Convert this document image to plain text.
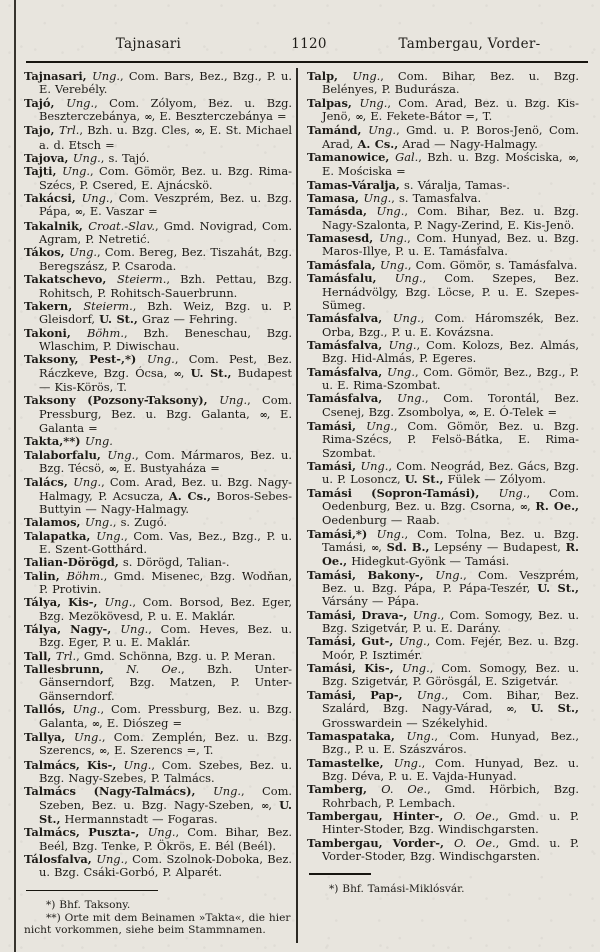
Tajnasari	1120	Tambergau, Vorder-

Tajnasari, Ung., Com. Bars, Bez., Bzg., P. u. E. Verebély.

Tajó, Ung., Com. Zólyom, Bez. u. Bzg. Beszterczebánya, ∞, E. Beszterczebánya =

Tajo, Trl., Bzh. u. Bzg. Cles, ∞, E. St. Michael a. d. Etsch =

Tajova, Ung., s. Tajó.

Tajti, Ung., Com. Gömör, Bez. u. Bzg. Rima-Szécs, P. Csered, E. Ajnácskö.

Takácsi, Ung., Com. Veszprém, Bez. u. Bzg. Pápa, ∞, E. Vaszar =

Takalnik, Croat.-Slav., Gmd. Novigrad, Com. Agram, P. Netretić.

Tákos, Ung., Com. Bereg, Bez. Tiszahát, Bzg. Beregszász, P. Csaroda.

Takatschevo, Steierm., Bzh. Pettau, Bzg. Rohitsch, P. Rohitsch-Sauerbrunn.

Takern, Steierm., Bzh. Weiz, Bzg. u. P. Gleisdorf, U. St., Graz — Fehring.

Takoni, Böhm., Bzh. Beneschau, Bzg. Wlaschim, P. Diwischau.

Taksony, Pest-,*) Ung., Com. Pest, Bez. Ráczkeve, Bzg. Ócsa, ∞, U. St., Budapest — Kis-Körös, T.

Taksony (Pozsony-Taksony), Ung., Com. Pressburg, Bez. u. Bzg. Galanta, ∞, E. Galanta =

Takta,**) Ung.

Talaborfalu, Ung., Com. Mármaros, Bez. u. Bzg. Técsö, ∞, E. Bustyaháza =

Talács, Ung., Com. Arad, Bez. u. Bzg. Nagy-Halmagy, P. Acsucza, A. Cs., Boros-Sebes-Buttyin — Nagy-Halmagy.

Talamos, Ung., s. Zugó.

Talapatka, Ung., Com. Vas, Bez., Bzg., P. u. E. Szent-Gotthárd.

Talian-Dörögd, s. Dörögd, Talian-.

Talin, Böhm., Gmd. Misenec, Bzg. Wodňan, P. Protivin.

Tálya, Kis-, Ung., Com. Borsod, Bez. Eger, Bzg. Mezökövesd, P. u. E. Maklár.

Tálya, Nagy-, Ung., Com. Heves, Bez. u. Bzg. Eger, P. u. E. Maklár.

Tall, Trl., Gmd. Schönna, Bzg. u. P. Meran.

Tallesbrunn, N. Oe., Bzh. Unter-Gänserndorf, Bzg. Matzen, P. Unter-Gänserndorf.

Tallós, Ung., Com. Pressburg, Bez. u. Bzg. Galanta, ∞, E. Diószeg =

Tallya, Ung., Com. Zemplén, Bez. u. Bzg. Szerencs, ∞, E. Szerencs =, T.

Talmács, Kis-, Ung., Com. Szebes, Bez. u. Bzg. Nagy-Szebes, P. Talmács.

Talmács (Nagy-Talmács), Ung., Com. Szeben, Bez. u. Bzg. Nagy-Szeben, ∞, U. St., Hermannstadt — Fogaras.

Talmács, Puszta-, Ung., Com. Bihar, Bez. Beél, Bzg. Tenke, P. Ökrös, E. Bél (Beél).

Tálosfalva, Ung., Com. Szolnok-Doboka, Bez. u. Bzg. Csáki-Gorbó, P. Alparét.

*) Bhf. Taksony.

**) Orte mit dem Beinamen »Takta«, die hier nicht vorkommen, siehe beim Stammnamen.

Talp, Ung., Com. Bihar, Bez. u. Bzg. Belényes, P. Budurásza.

Talpas, Ung., Com. Arad, Bez. u. Bzg. Kis-Jenö, ∞, E. Fekete-Bátor =, T.

Tamánd, Ung., Gmd. u. P. Boros-Jenö, Com. Arad, A. Cs., Arad — Nagy-Halmagy.

Tamanowice, Gal., Bzh. u. Bzg. Mościska, ∞, E. Mościska =

Tamas-Váralja, s. Váralja, Tamas-.

Tamasa, Ung., s. Tamasfalva.

Tamásda, Ung., Com. Bihar, Bez. u. Bzg. Nagy-Szalonta, P. Nagy-Zerind, E. Kis-Jenö.

Tamasesd, Ung., Com. Hunyad, Bez. u. Bzg. Maros-Illye, P. u. E. Tamásfalva.

Tamásfala, Ung., Com. Gömör, s. Tamásfalva.

Tamásfalu, Ung., Com. Szepes, Bez. Hernádvölgy, Bzg. Löcse, P. u. E. Szepes-Sümeg.

Tamásfalva, Ung., Com. Háromszék, Bez. Orba, Bzg., P. u. E. Kovázsna.

Tamásfalva, Ung., Com. Kolozs, Bez. Almás, Bzg. Hid-Almás, P. Egeres.

Tamásfalva, Ung., Com. Gömör, Bez., Bzg., P. u. E. Rima-Szombat.

Tamásfalva, Ung., Com. Torontál, Bez. Csenej, Bzg. Zsombolya, ∞, E. Ó-Telek =

Tamási, Ung., Com. Gömör, Bez. u. Bzg. Rima-Szécs, P. Felsö-Bátka, E. Rima-Szombat.

Tamási, Ung., Com. Neográd, Bez. Gács, Bzg. u. P. Losoncz, U. St., Fülek — Zólyom.

Tamási (Sopron-Tamási), Ung., Com. Oedenburg, Bez. u. Bzg. Csorna, ∞, R. Oe., Oedenburg — Raab.

Tamási,*) Ung., Com. Tolna, Bez. u. Bzg. Tamási, ∞, Sd. B., Lepsény — Budapest, R. Oe., Hidegkut-Gyönk — Tamási.

Tamási, Bakony-, Ung., Com. Veszprém, Bez. u. Bzg. Pápa, P. Pápa-Teszér, U. St., Vársány — Pápa.

Tamási, Drava-, Ung., Com. Somogy, Bez. u. Bzg. Szigetvár, P. u. E. Darány.

Tamási, Gut-, Ung., Com. Fejér, Bez. u. Bzg. Moór, P. Isztimér.

Tamási, Kis-, Ung., Com. Somogy, Bez. u. Bzg. Szigetvár, P. Görösgál, E. Szigetvár.

Tamási, Pap-, Ung., Com. Bihar, Bez. Szalárd, Bzg. Nagy-Várad, ∞, U. St., Grosswardein — Székelyhid.

Tamaspataka, Ung., Com. Hunyad, Bez., Bzg., P. u. E. Szászváros.

Tamastelke, Ung., Com. Hunyad, Bez. u. Bzg. Déva, P. u. E. Vajda-Hunyad.

Tamberg, O. Oe., Gmd. Hörbich, Bzg. Rohrbach, P. Lembach.

Tambergau, Hinter-, O. Oe., Gmd. u. P. Hinter-Stoder, Bzg. Windischgarsten.

Tambergau, Vorder-, O. Oe., Gmd. u. P. Vorder-Stoder, Bzg. Windischgarsten.

*) Bhf. Tamási-Miklósvár.
